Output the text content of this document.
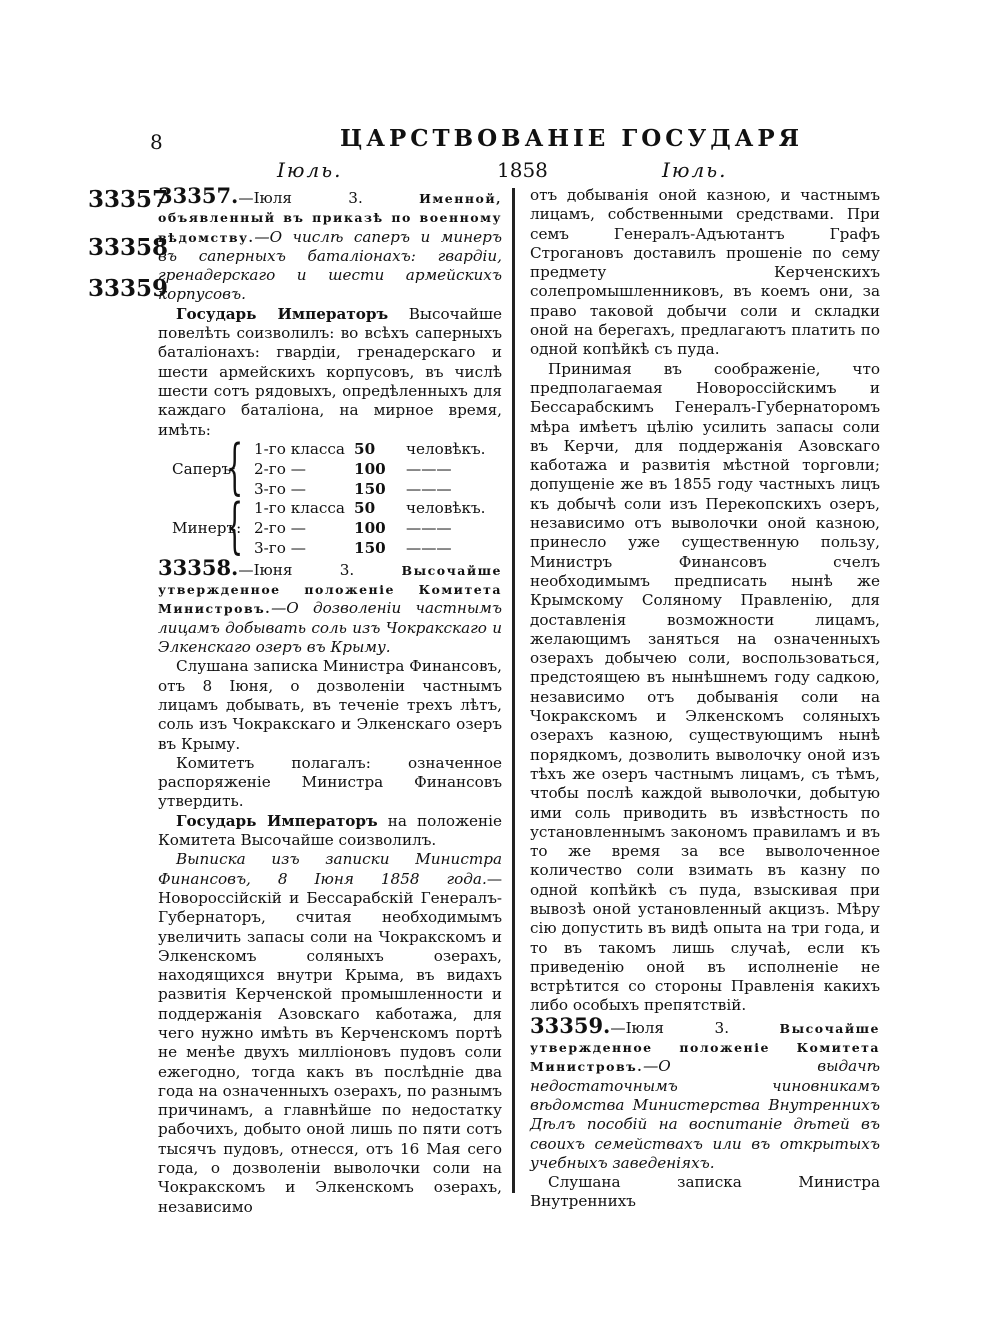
8	ЦАРСТВОВАНІЕ ГОСУДАРЯ
Іюль.	1858	Іюль.
33357
33358
33359

33357.—Іюля 3. Именной, объявленный въ приказѣ по военному вѣдомству.—О числѣ саперъ и минеръ въ саперныхъ баталіонахъ: гвардіи, гренадерскаго и шести армейскихъ корпусовъ.

Государь Императоръ Высочайше повелѣть соизволилъ: во всѣхъ саперныхъ баталіонахъ: гвардіи, гренадерскаго и шести армейскихъ корпусовъ, въ числѣ шести сотъ рядовыхъ, опредѣленныхъ для каждаго баталіона, на мирное время, имѣть:

Саперъ:
{ 1-го класса 50 человѣкъ.
2-го —	100 ———
3-го —	150 ———
Минеръ:
{ 1-го класса 50 человѣкъ.
2-го —	100 ———
3-го —	150 ———

33358.—Іюня 3. Высочайше утвержденное положеніе Комитета Министровъ.—О дозволеніи частнымъ лицамъ добывать соль изъ Чокракскаго и Элкенскаго озеръ въ Крыму.

Слушана записка Министра Финансовъ, отъ 8 Іюня, о дозволеніи частнымъ лицамъ добывать, въ теченіе трехъ лѣтъ, соль изъ Чокракскаго и Элкенскаго озеръ въ Крыму.

Комитетъ полагалъ: означенное распоряженіе Министра Финансовъ утвердить.

Государь Императоръ на положеніе Комитета Высочайше соизволилъ.

Выписка изъ записки Министра Финансовъ, 8 Іюня 1858 года.—Новороссійскій и Бессарабскій Генералъ-Губернаторъ, считая необходимымъ увеличить запасы соли на Чокракскомъ и Элкенскомъ соляныхъ озерахъ, находящихся внутри Крыма, въ видахъ развитія Керченской промышленности и поддержанія Азовскаго каботажа, для чего нужно имѣть въ Керченскомъ портѣ не менѣе двухъ милліоновъ пудовъ соли ежегодно, тогда какъ въ послѣдніе два года на означенныхъ озерахъ, по разнымъ причинамъ, а главнѣйше по недостатку рабочихъ, добыто оной лишь по пяти сотъ тысячъ пудовъ, отнесся, отъ 16 Мая сего года, о дозволеніи выволочки соли на Чокракскомъ и Элкенскомъ озерахъ, независимо

отъ добыванія оной казною, и частнымъ лицамъ, собственными средствами. При семъ Генералъ-Адъютантъ Графъ Строгановъ доставилъ прошеніе по сему предмету Керченскихъ солепромышленниковъ, въ коемъ они, за право таковой добычи соли и складки оной на берегахъ, предлагаютъ платить по одной копѣйкѣ съ пуда.

Принимая въ соображеніе, что предполагаемая Новороссійскимъ и Бессарабскимъ Генералъ-Губернаторомъ мѣра имѣетъ цѣлію усилить запасы соли въ Керчи, для поддержанія Азовскаго каботажа и развитія мѣстной торговли; допущеніе же въ 1855 году частныхъ лицъ къ добычѣ соли изъ Перекопскихъ озеръ, независимо отъ выволочки оной казною, принесло уже существенную пользу, Министръ Финансовъ счелъ необходимымъ предписать нынѣ же Крымскому Соляному Правленію, для доставленія возможности лицамъ, желающимъ заняться на означенныхъ озерахъ добычею соли, воспользоваться, предстоящею въ нынѣшнемъ году садкою, независимо отъ добыванія соли на Чокракскомъ и Элкенскомъ соляныхъ озерахъ казною, существующимъ нынѣ порядкомъ, дозволить выволочку оной изъ тѣхъ же озеръ частнымъ лицамъ, съ тѣмъ, чтобы послѣ каждой выволочки, добытую ими соль приводить въ извѣстность по установленнымъ закономъ правиламъ и въ то же время за все выволоченное количество соли взимать въ казну по одной копѣйкѣ съ пуда, взыскивая при вывозѣ оной установленный акцизъ. Мѣру сію допустить въ видѣ опыта на три года, и то въ такомъ лишь случаѣ, если къ приведенію оной въ исполненіе не встрѣтится со стороны Правленія какихъ либо особыхъ препятствій.

33359.—Іюля 3. Высочайше утвержденное положеніе Комитета Министровъ.—О выдачѣ недостаточнымъ чиновникамъ вѣдомства Министерства Внутреннихъ Дѣлъ пособій на воспитаніе дѣтей въ своихъ семействахъ или въ открытыхъ учебныхъ заведеніяхъ.

Слушана записка Министра Внутреннихъ
